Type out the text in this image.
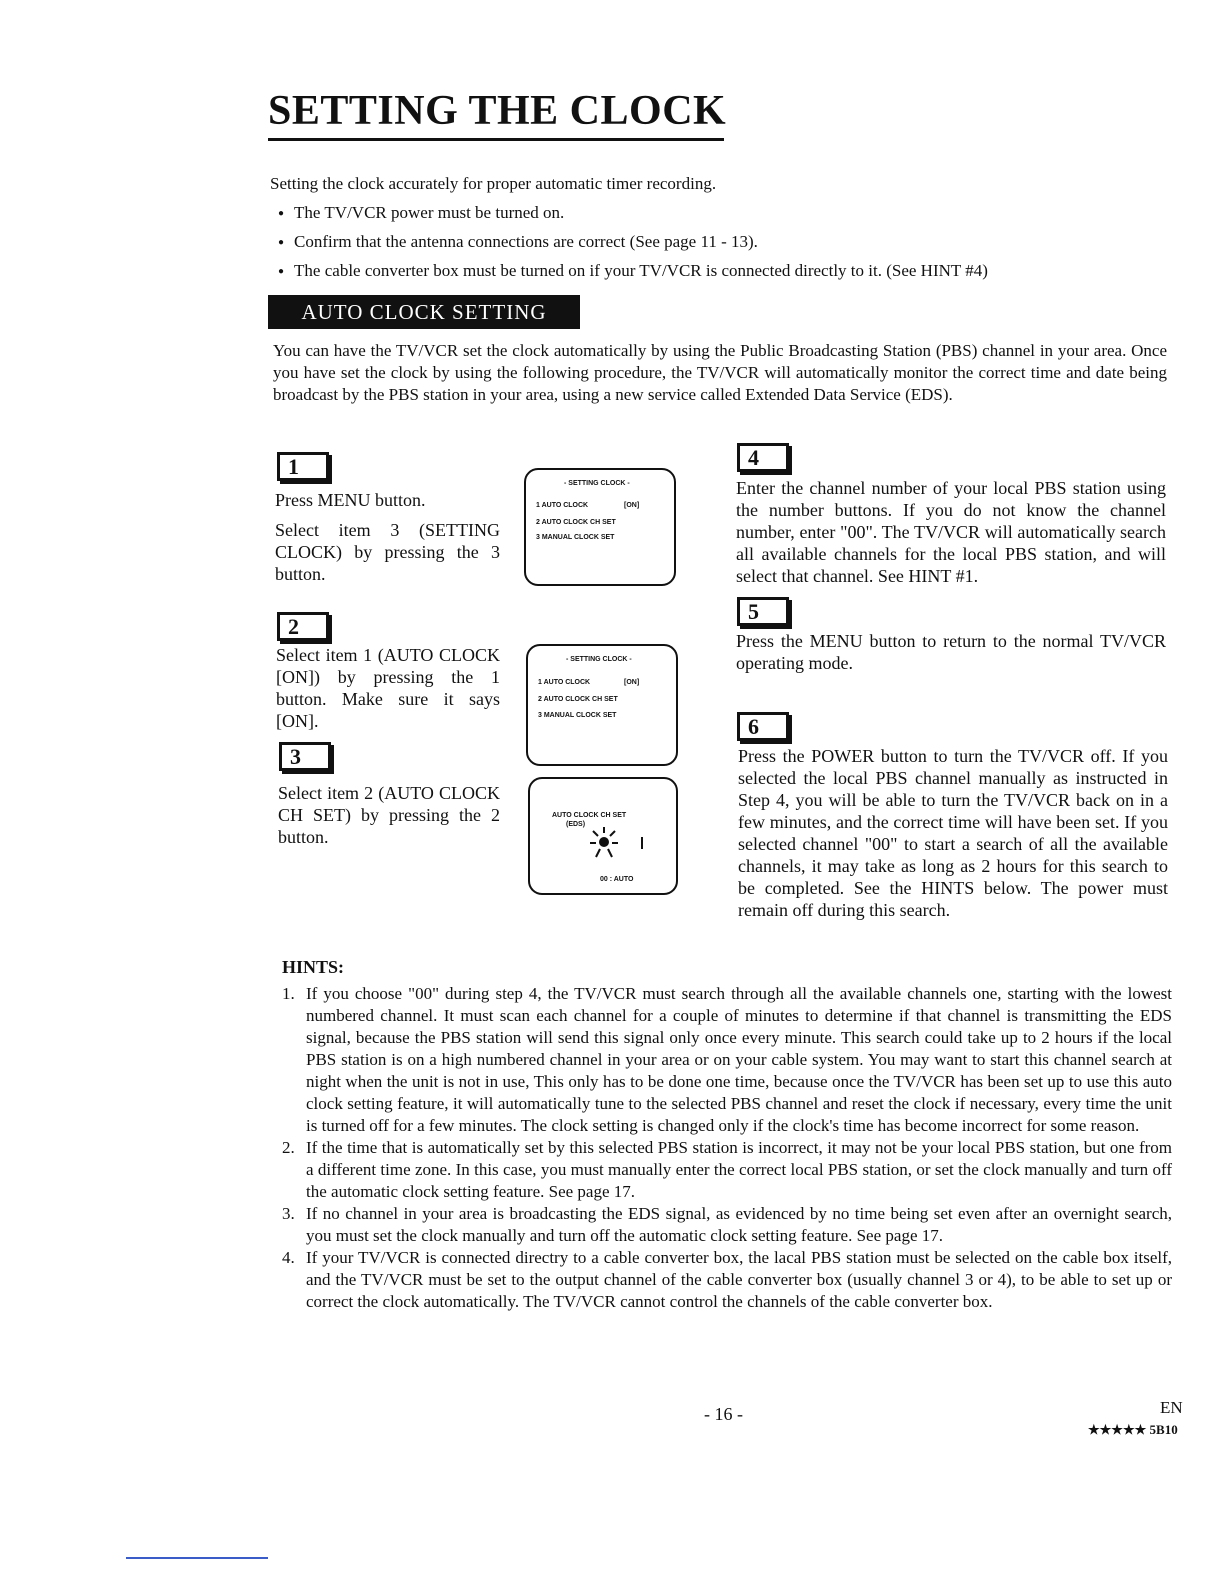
SETTING THE CLOCK
Setting the clock accurately for proper automatic timer recording.
● The TV/VCR power must be turned on.
● Confirm that the antenna connections are correct (See page 11 - 13).
● The cable converter box must be turned on if your TV/VCR is connected directly to it. (See HINT #4)
AUTO CLOCK SETTING
You can have the TV/VCR set the clock automatically by using the Public Broadcasting Station (PBS) channel in your area. Once you have set the clock by using the following procedure, the TV/VCR will automatically monitor the correct time and date being broadcast by the PBS station in your area, using a new service called Extended Data Service (EDS).
1
Press MENU button.
Select item 3 (SETTING CLOCK) by pressing the 3 button.
2
Select item 1 (AUTO CLOCK [ON]) by pressing the 1 button. Make sure it says [ON].
3
Select item 2 (AUTO CLOCK CH SET) by pressing the 2 button.
- SETTING CLOCK -
1 AUTO CLOCK	[ON]
2 AUTO CLOCK CH SET
3 MANUAL CLOCK SET
- SETTING CLOCK -
1 AUTO CLOCK	[ON]
2 AUTO CLOCK CH SET
3 MANUAL CLOCK SET
AUTO CLOCK CH SET
(EDS)
00 : AUTO
4
Enter the channel number of your local PBS station using the number buttons. If you do not know the channel number, enter "00". The TV/VCR will automatically search all available channels for the local PBS station, and will select that channel. See HINT #1.
5
Press the MENU button to return to the normal TV/VCR operating mode.
6
Press the POWER button to turn the TV/VCR off. If you selected the local PBS channel manually as instructed in Step 4, you will be able to turn the TV/VCR back on in a few minutes, and the correct time will have been set. If you selected channel "00" to start a search of all the available channels, it may take as long as 2 hours for this search to be completed. See the HINTS below. The power must remain off during this search.
HINTS:
1. If you choose "00" during step 4, the TV/VCR must search through all the available channels one, starting with the lowest numbered channel. It must scan each channel for a couple of minutes to determine if that channel is transmitting the EDS signal, because the PBS station will send this signal only once every minute. This search could take up to 2 hours if the local PBS station is on a high numbered channel in your area or on your cable system. You may want to start this channel search at night when the unit is not in use, This only has to be done one time, because once the TV/VCR has been set up to use this auto clock setting feature, it will automatically tune to the selected PBS channel and reset the clock if necessary, every time the unit is turned off for a few minutes. The clock setting is changed only if the clock's time has become incorrect for some reason.
2. If the time that is automatically set by this selected PBS station is incorrect, it may not be your local PBS station, but one from a different time zone. In this case, you must manually enter the correct local PBS station, or set the clock manually and turn off the automatic clock setting feature. See page 17.
3. If no channel in your area is broadcasting the EDS signal, as evidenced by no time being set even after an overnight search, you must set the clock manually and turn off the automatic clock setting feature. See page 17.
4. If your TV/VCR is connected directry to a cable converter box, the lacal PBS station must be selected on the cable box itself, and the TV/VCR must be set to the output channel of the cable converter box (usually channel 3 or 4), to be able to set up or correct the clock automatically. The TV/VCR cannot control the channels of the cable converter box.
- 16 -	EN
★★★★★ 5B10
